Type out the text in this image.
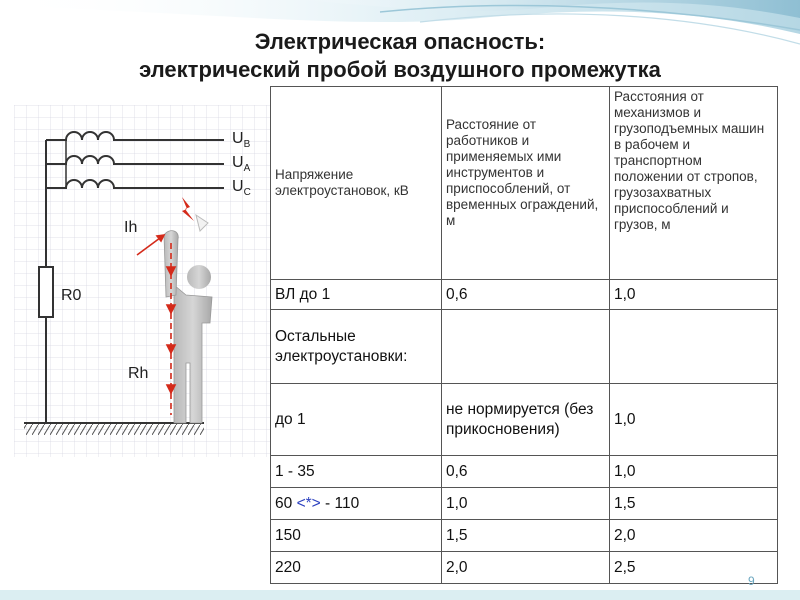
Электрическая опасность:
электрический пробой воздушного промежутка
$U_B$
$U_A$
$U_C$
Ih
R0
Rh
Напряжение электроустановок, кВ	Расстояние от работников и применяемых ими инструментов и приспособлений, от временных ограждений, м	Расстояния от механизмов и грузоподъемных машин в рабочем и транспортном положении от стропов, грузозахватных приспособлений и грузов, м
ВЛ до 1	0,6	1,0
Остальные электроустановки:		
до 1	не нормируется (без прикосновения)	1,0
1 - 35	0,6	1,0
60 <*> - 110	1,0	1,5
150	1,5	2,0
220	2,0	2,5
9
